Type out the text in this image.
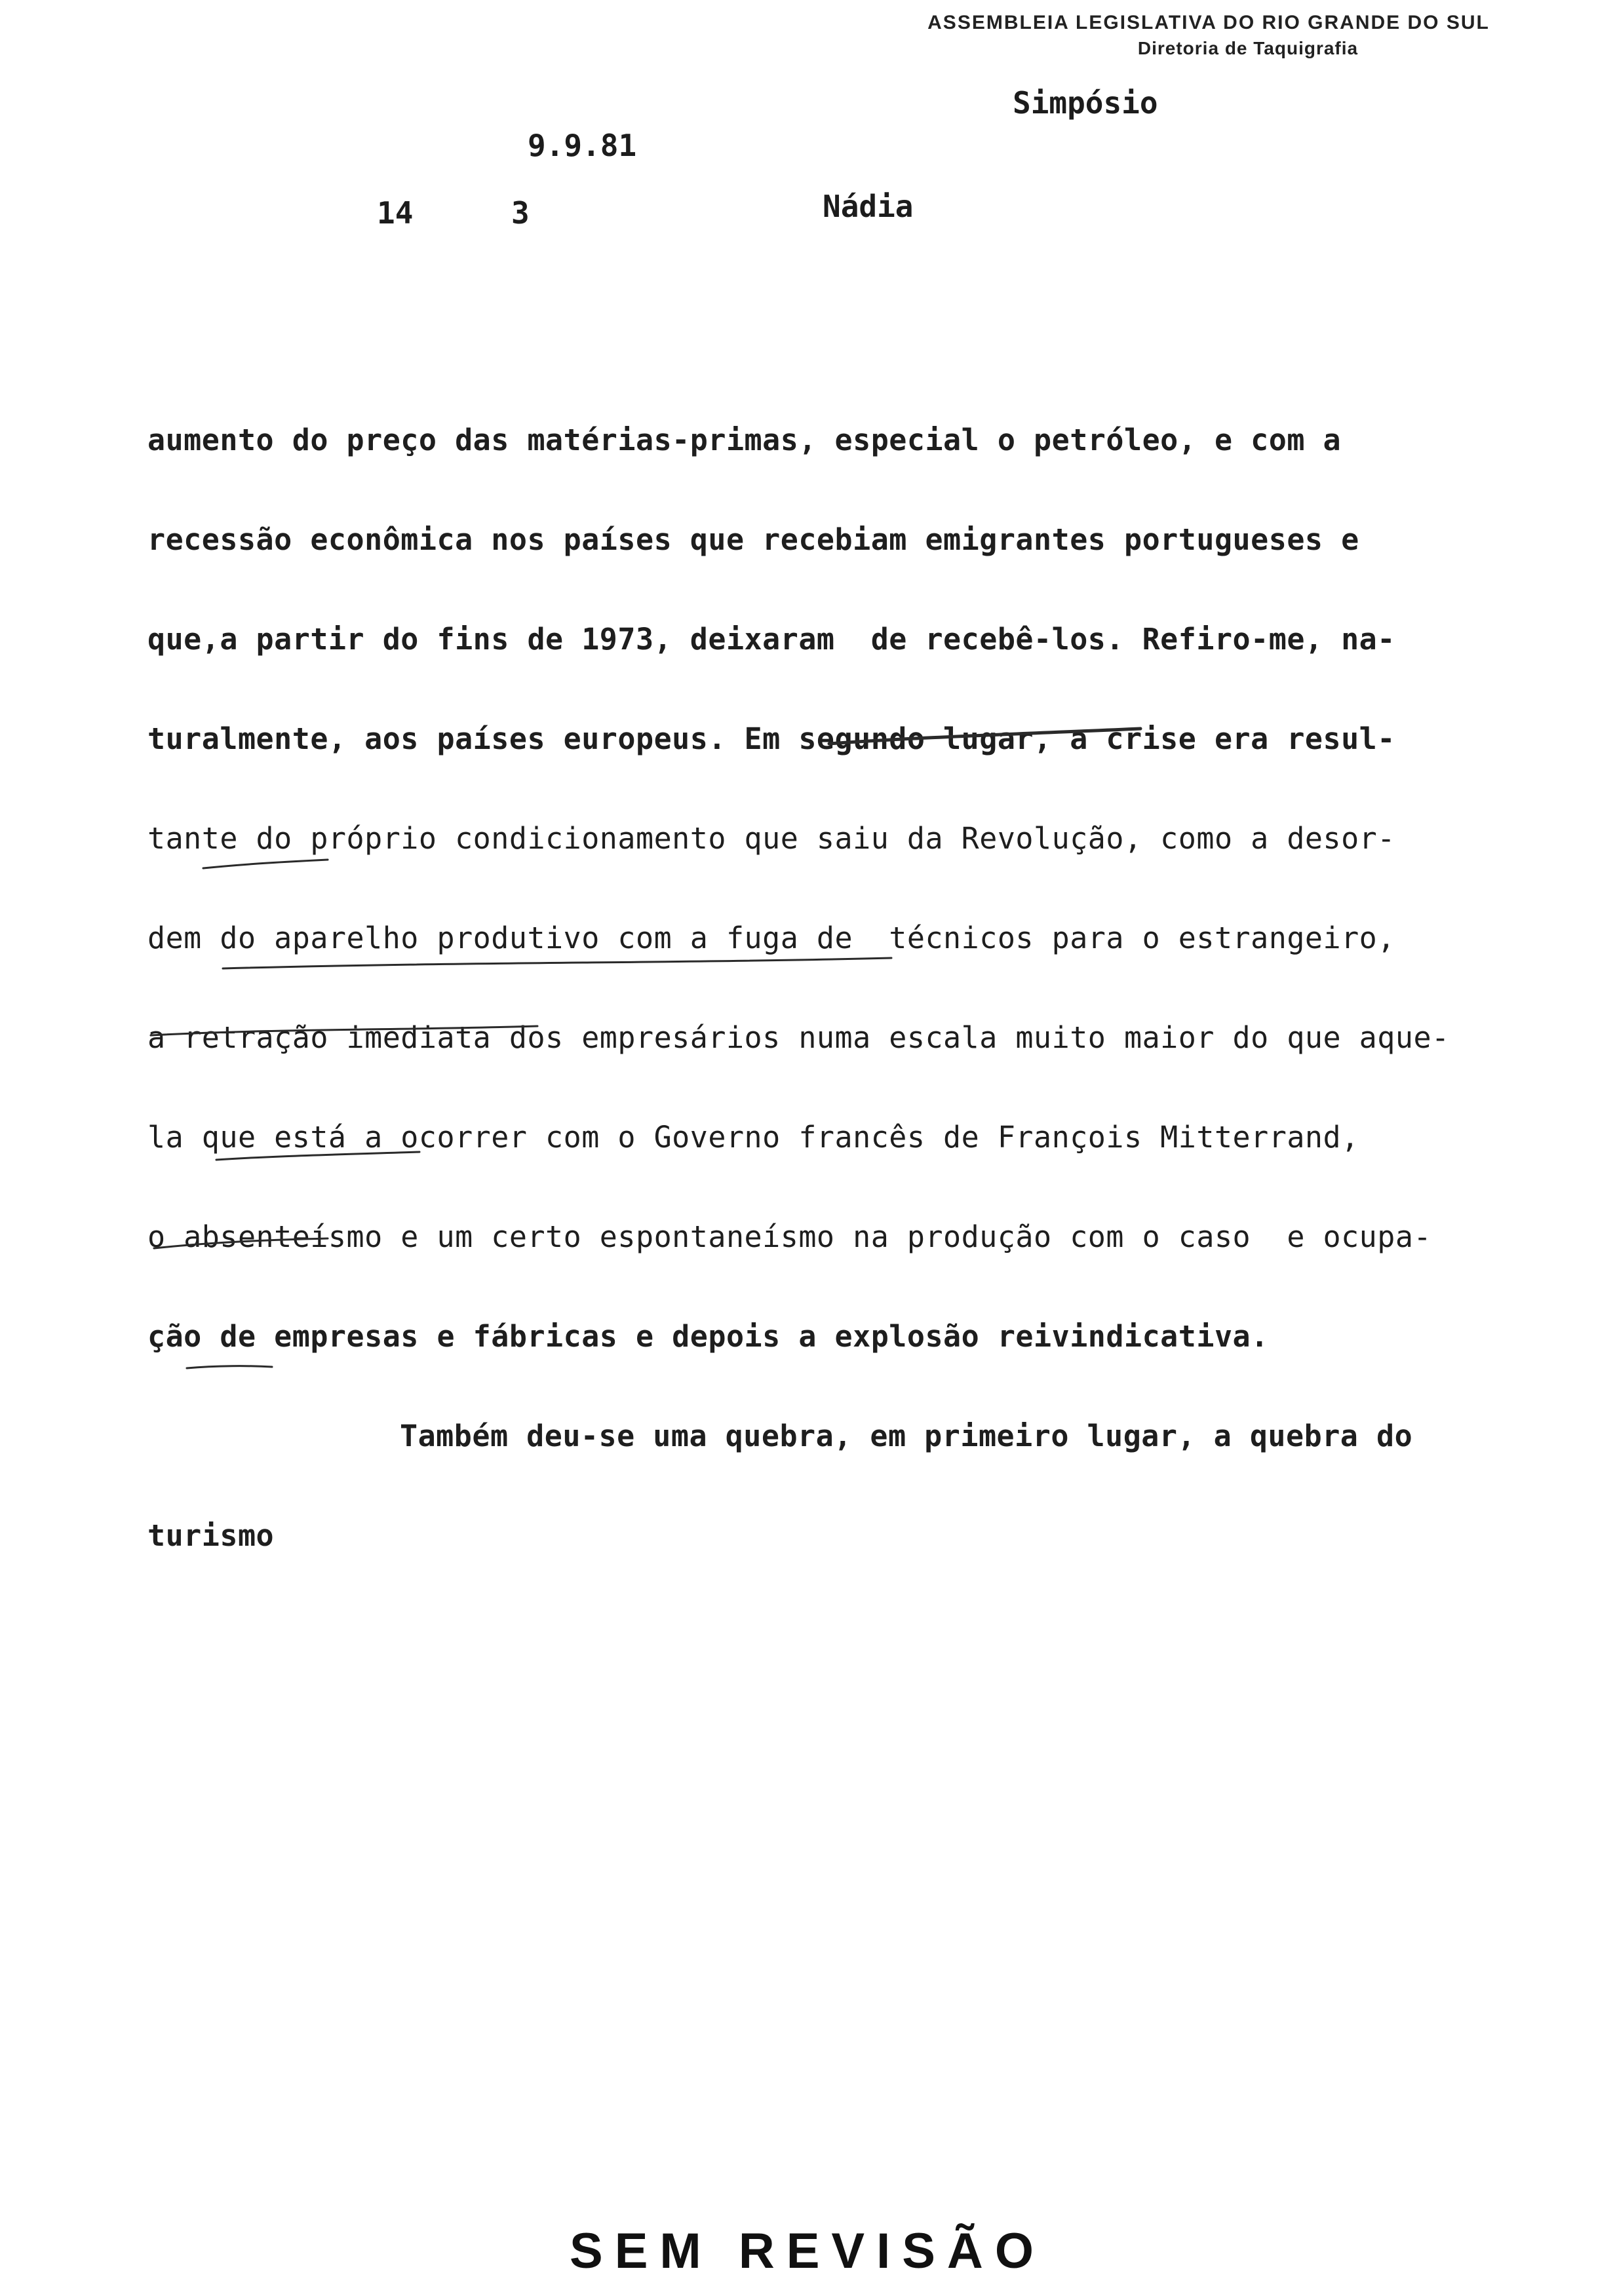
ASSEMBLEIA LEGISLATIVA DO RIO GRANDE DO SUL
Diretoria de Taquigrafia
Simpósio
9.9.81
14	3	Nádia
aumento do preço das matérias-primas, especial o petróleo, e com a
recessão econômica nos países que recebiam emigrantes portugueses e
que,a partir do fins de 1973, deixaram  de recebê-los. Refiro-me, na-
turalmente, aos países europeus. Em segundo lugar, a crise era resul-
tante do próprio condicionamento que saiu da Revolução, como a desor-
dem do aparelho produtivo com a fuga de  técnicos para o estrangeiro,
a retração imediata dos empresários numa escala muito maior do que aque-
la que está a ocorrer com o Governo francês de François Mitterrand,
o absenteísmo e um certo espontaneísmo na produção com o caso  e ocupa-
ção de empresas e fábricas e depois a explosão reivindicativa.
Também deu-se uma quebra, em primeiro lugar, a quebra do
turismo
SEM REVISÃO
